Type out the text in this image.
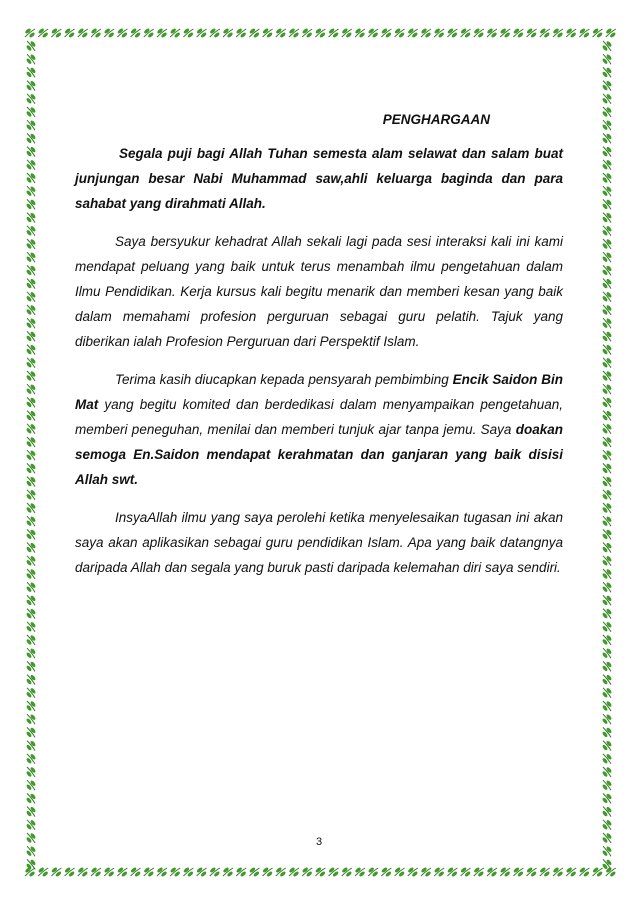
PENGHARGAAN

Segala puji bagi Allah Tuhan semesta alam selawat dan salam buat junjungan besar Nabi Muhammad saw,ahli keluarga baginda dan para sahabat yang dirahmati Allah.

Saya bersyukur kehadrat Allah sekali lagi pada sesi interaksi kali ini kami mendapat peluang yang baik untuk terus menambah ilmu pengetahuan dalam Ilmu Pendidikan. Kerja kursus kali begitu menarik dan memberi kesan yang baik dalam memahami profesion perguruan sebagai guru pelatih. Tajuk yang diberikan ialah Profesion Perguruan dari Perspektif Islam.

Terima kasih diucapkan kepada pensyarah pembimbing Encik Saidon Bin Mat yang begitu komited dan berdedikasi dalam menyampaikan pengetahuan, memberi peneguhan, menilai dan memberi tunjuk ajar tanpa jemu. Saya doakan semoga En.Saidon mendapat kerahmatan dan ganjaran yang baik disisi Allah swt.

InsyaAllah ilmu yang saya perolehi ketika menyelesaikan tugasan ini akan saya akan aplikasikan sebagai guru pendidikan Islam. Apa yang baik datangnya daripada Allah dan segala yang buruk pasti daripada kelemahan diri saya sendiri.

3
